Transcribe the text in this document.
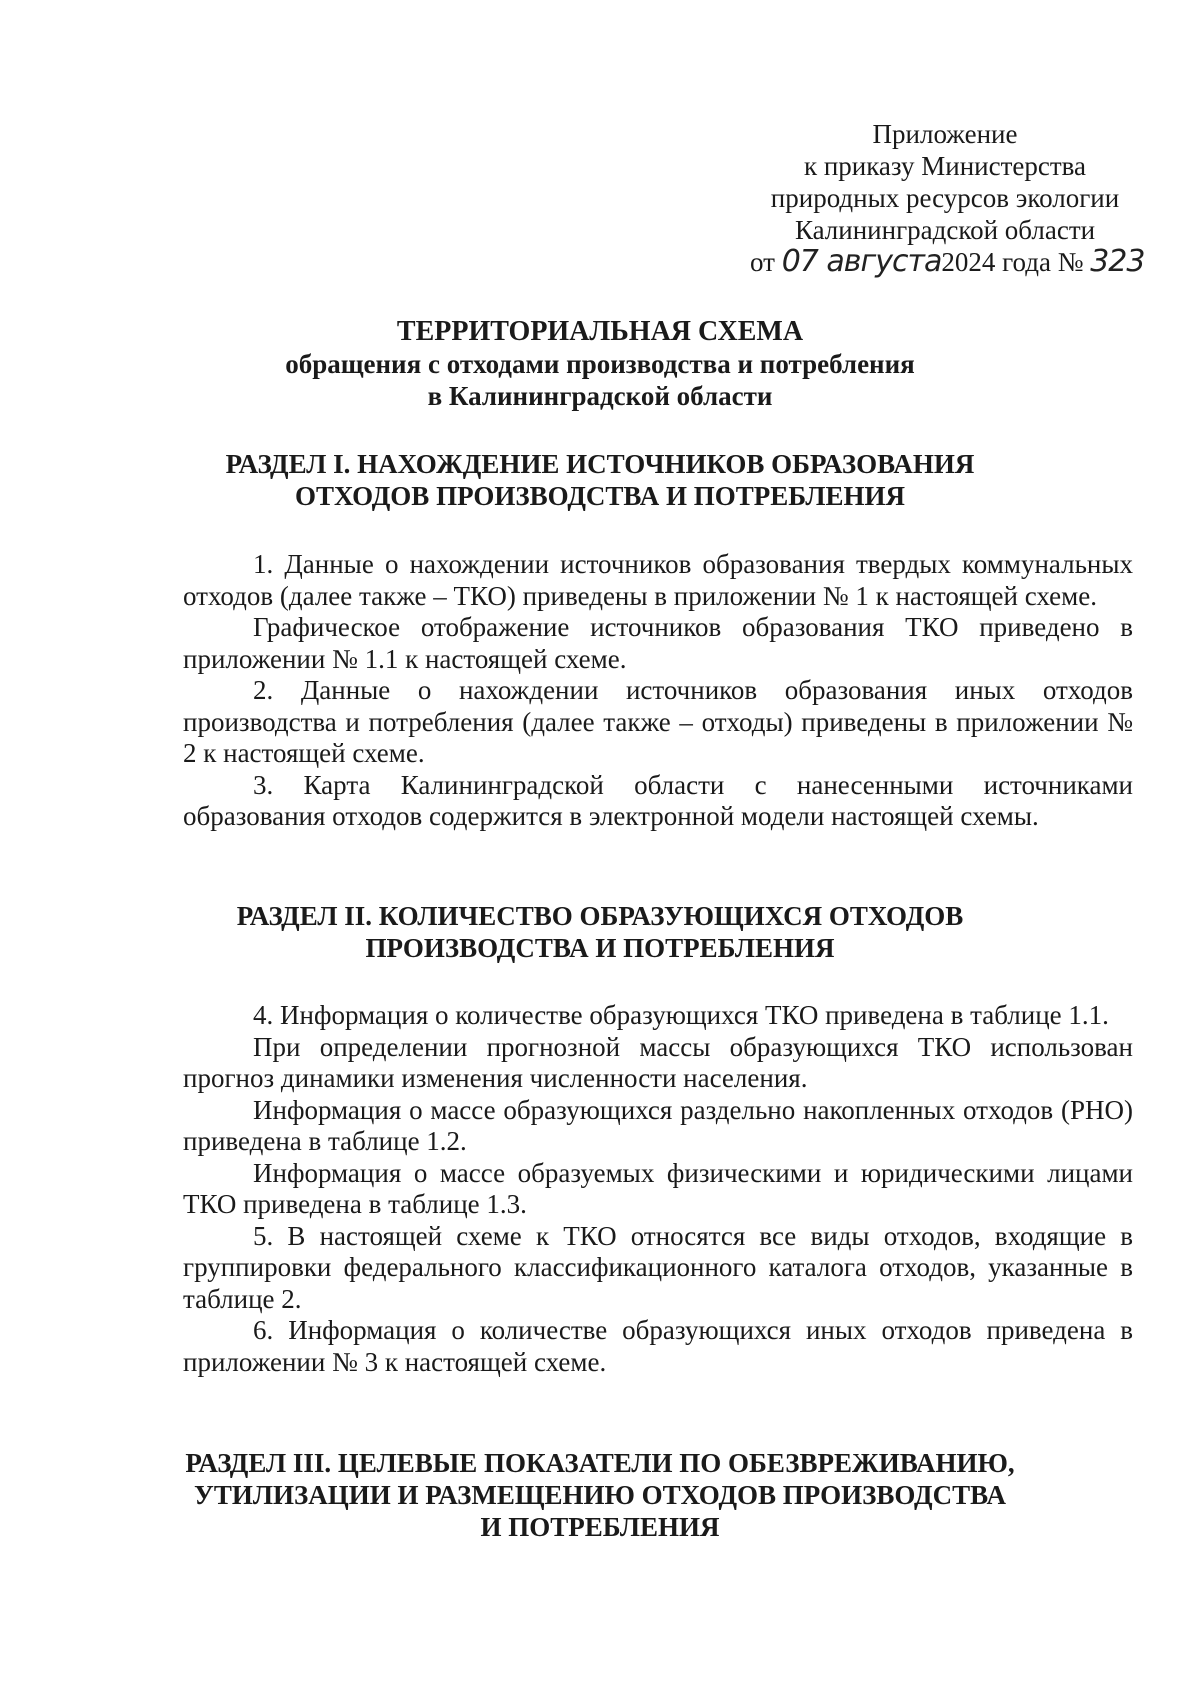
Приложение
к приказу Министерства
природных ресурсов экологии
Калининградской области
от 07 августа2024 года № 323
ТЕРРИТОРИАЛЬНАЯ СХЕМА
обращения с отходами производства и потребления
в Калининградской области
РАЗДЕЛ I. НАХОЖДЕНИЕ ИСТОЧНИКОВ ОБРАЗОВАНИЯ
ОТХОДОВ ПРОИЗВОДСТВА И ПОТРЕБЛЕНИЯ

1. Данные о нахождении источников образования твердых коммунальных отходов (далее также – ТКО) приведены в приложении № 1 к настоящей схеме.

Графическое отображение источников образования ТКО приведено в приложении № 1.1 к настоящей схеме.

2. Данные о нахождении источников образования иных отходов производства и потребления (далее также – отходы) приведены в приложении № 2 к настоящей схеме.

3. Карта Калининградской области с нанесенными источниками образования отходов содержится в электронной модели настоящей схемы.

РАЗДЕЛ II. КОЛИЧЕСТВО ОБРАЗУЮЩИХСЯ ОТХОДОВ
ПРОИЗВОДСТВА И ПОТРЕБЛЕНИЯ

4. Информация о количестве образующихся ТКО приведена в таблице 1.1.

При определении прогнозной массы образующихся ТКО использован прогноз динамики изменения численности населения.

Информация о массе образующихся раздельно накопленных отходов (РНО) приведена в таблице 1.2.

Информация о массе образуемых физическими и юридическими лицами ТКО приведена в таблице 1.3.

5. В настоящей схеме к ТКО относятся все виды отходов, входящие в группировки федерального классификационного каталога отходов, указанные в таблице 2.

6. Информация о количестве образующихся иных отходов приведена в приложении № 3 к настоящей схеме.

РАЗДЕЛ III. ЦЕЛЕВЫЕ ПОКАЗАТЕЛИ ПО ОБЕЗВРЕЖИВАНИЮ,
УТИЛИЗАЦИИ И РАЗМЕЩЕНИЮ ОТХОДОВ ПРОИЗВОДСТВА
И ПОТРЕБЛЕНИЯ
